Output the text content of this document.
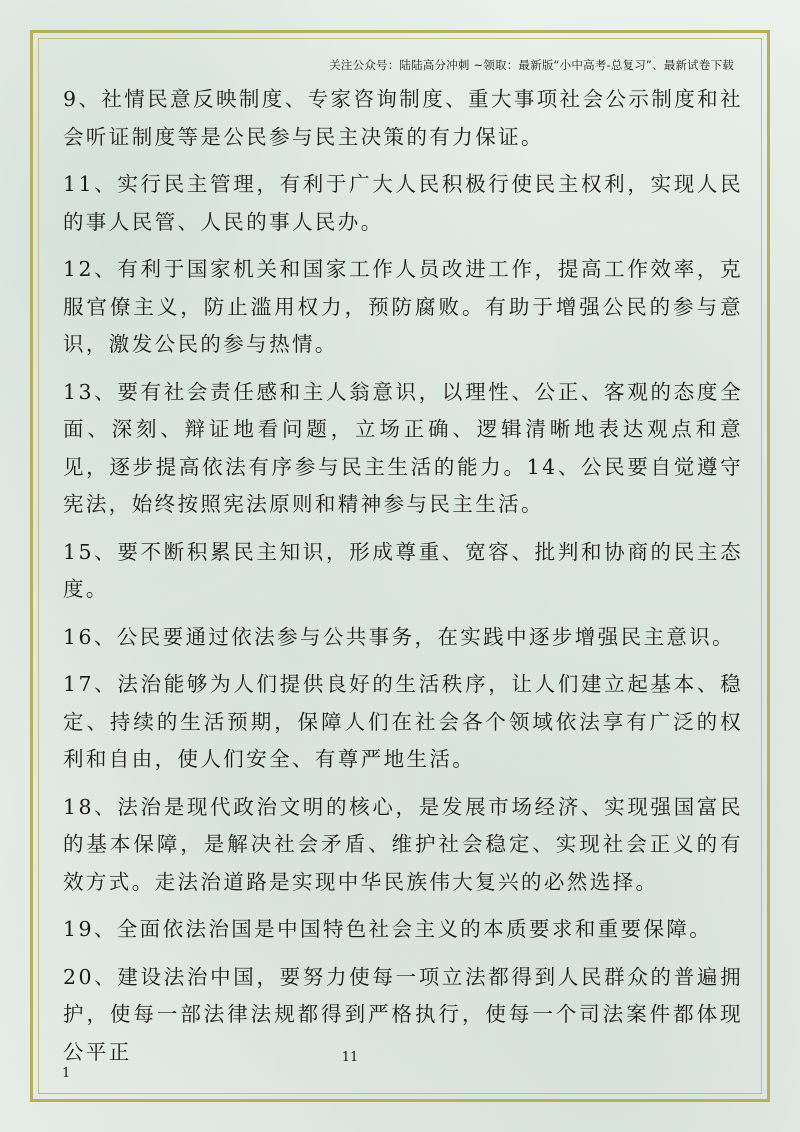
关注公众号：陆陆高分冲刺 ~领取：最新版“小中高考-总复习”、最新试卷下载

9、社情民意反映制度、专家咨询制度、重大事项社会公示制度和社会听证制度等是公民参与民主决策的有力保证。

11、实行民主管理，有利于广大人民积极行使民主权利，实现人民的事人民管、人民的事人民办。

12、有利于国家机关和国家工作人员改进工作，提高工作效率，克服官僚主义，防止滥用权力，预防腐败。有助于增强公民的参与意识，激发公民的参与热情。

13、要有社会责任感和主人翁意识，以理性、公正、客观的态度全面、深刻、辩证地看问题，立场正确、逻辑清晰地表达观点和意见，逐步提高依法有序参与民主生活的能力。14、公民要自觉遵守宪法，始终按照宪法原则和精神参与民主生活。

15、要不断积累民主知识，形成尊重、宽容、批判和协商的民主态度。

16、公民要通过依法参与公共事务，在实践中逐步增强民主意识。

17、法治能够为人们提供良好的生活秩序，让人们建立起基本、稳定、持续的生活预期，保障人们在社会各个领域依法享有广泛的权利和自由，使人们安全、有尊严地生活。

18、法治是现代政治文明的核心，是发展市场经济、实现强国富民的基本保障，是解决社会矛盾、维护社会稳定、实现社会正义的有效方式。走法治道路是实现中华民族伟大复兴的必然选择。

19、全面依法治国是中国特色社会主义的本质要求和重要保障。

20、建设法治中国，要努力使每一项立法都得到人民群众的普遍拥护，使每一部法律法规都得到严格执行，使每一个司法案件都体现公平正	11
1
